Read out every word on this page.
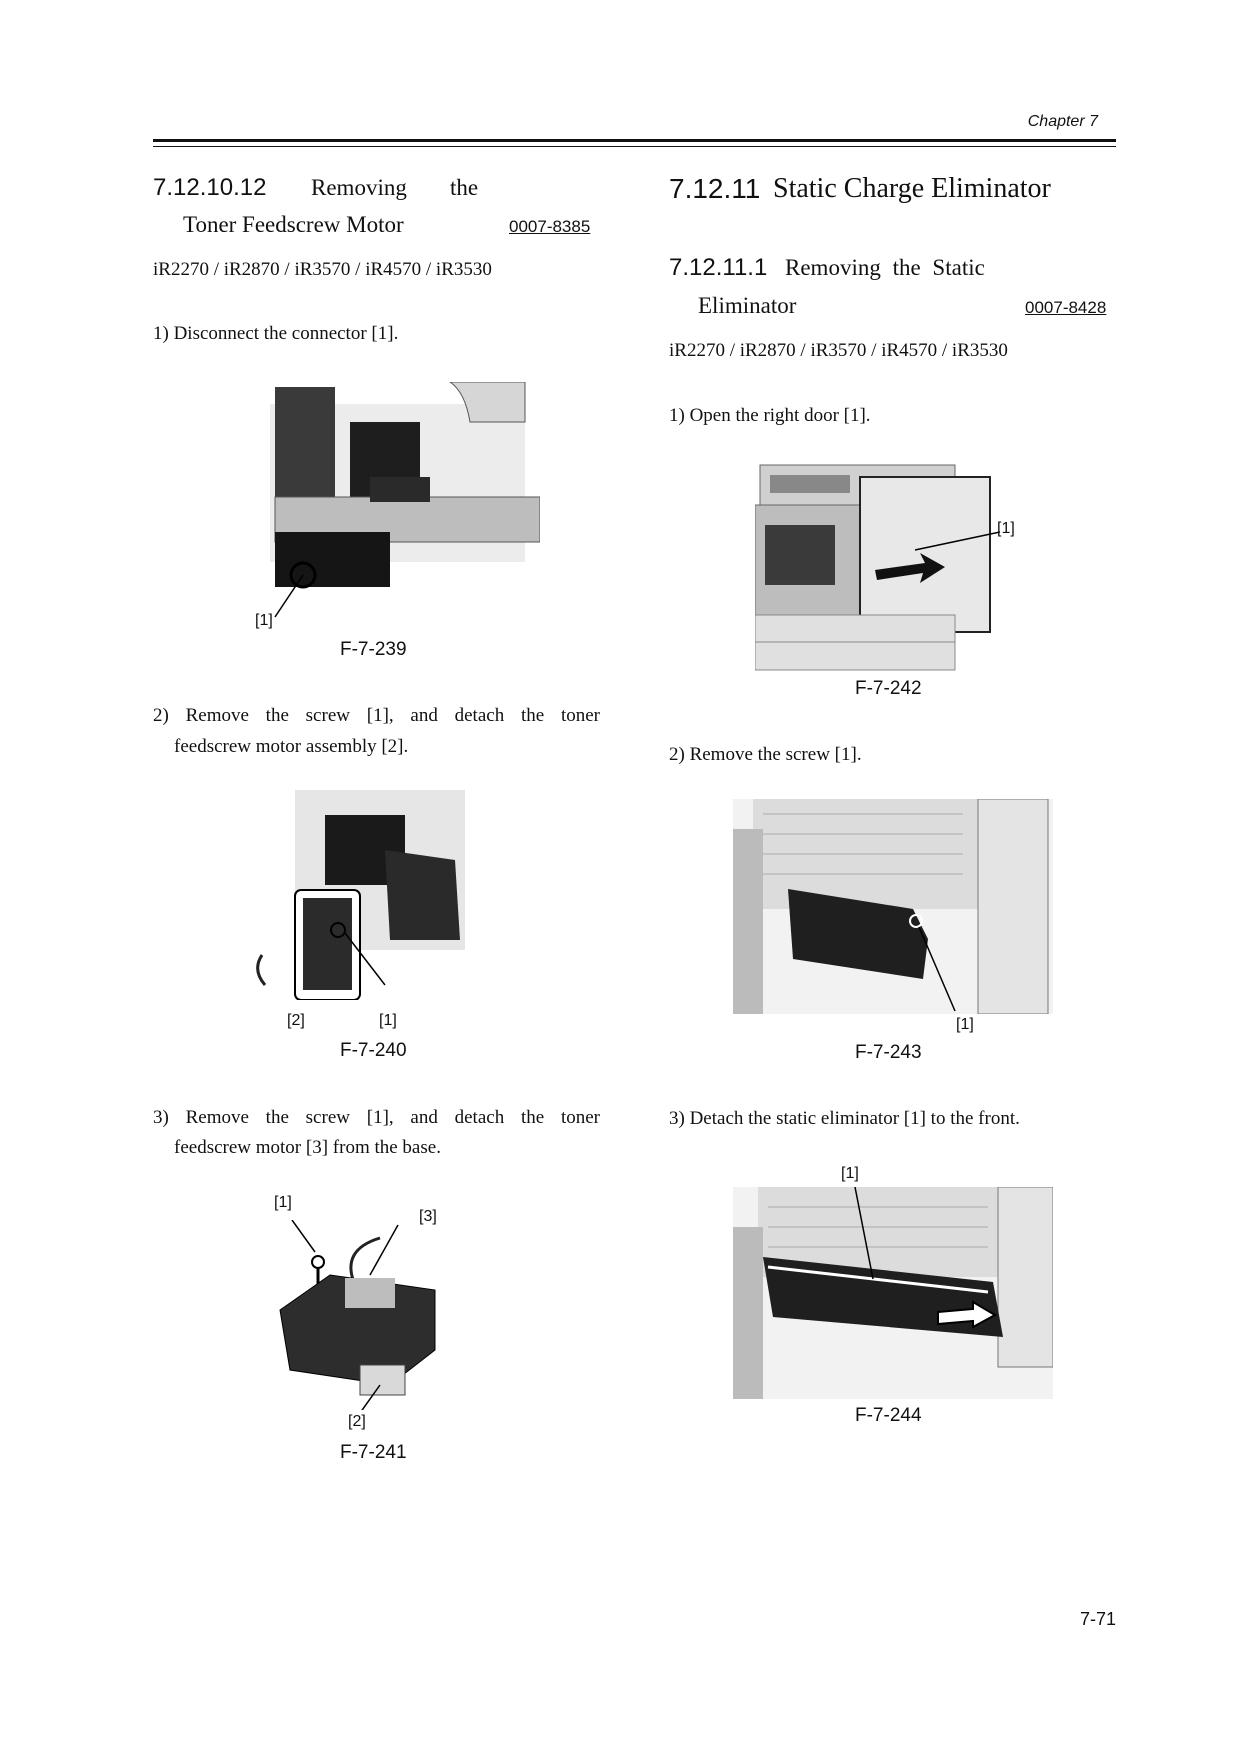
Chapter 7
7.12.10.12 Removing the
Toner Feedscrew Motor	0007-8385
iR2270 / iR2870 / iR3570 / iR4570 / iR3530
1) Disconnect the connector [1].
[1]
F-7-239
2) Remove the screw [1], and detach the toner
feedscrew motor assembly [2].
[2]	[1]
F-7-240
3) Remove the screw [1], and detach the toner
feedscrew motor [3] from the base.
[1]
[3]
[2]
F-7-241
7.12.11 Static Charge Eliminator
7.12.11.1 Removing the Static
Eliminator	0007-8428
iR2270 / iR2870 / iR3570 / iR4570 / iR3530
1) Open the right door [1].
[1]
F-7-242
2) Remove the screw [1].
[1]
F-7-243
3) Detach the static eliminator [1] to the front.
[1]
F-7-244
7-71
